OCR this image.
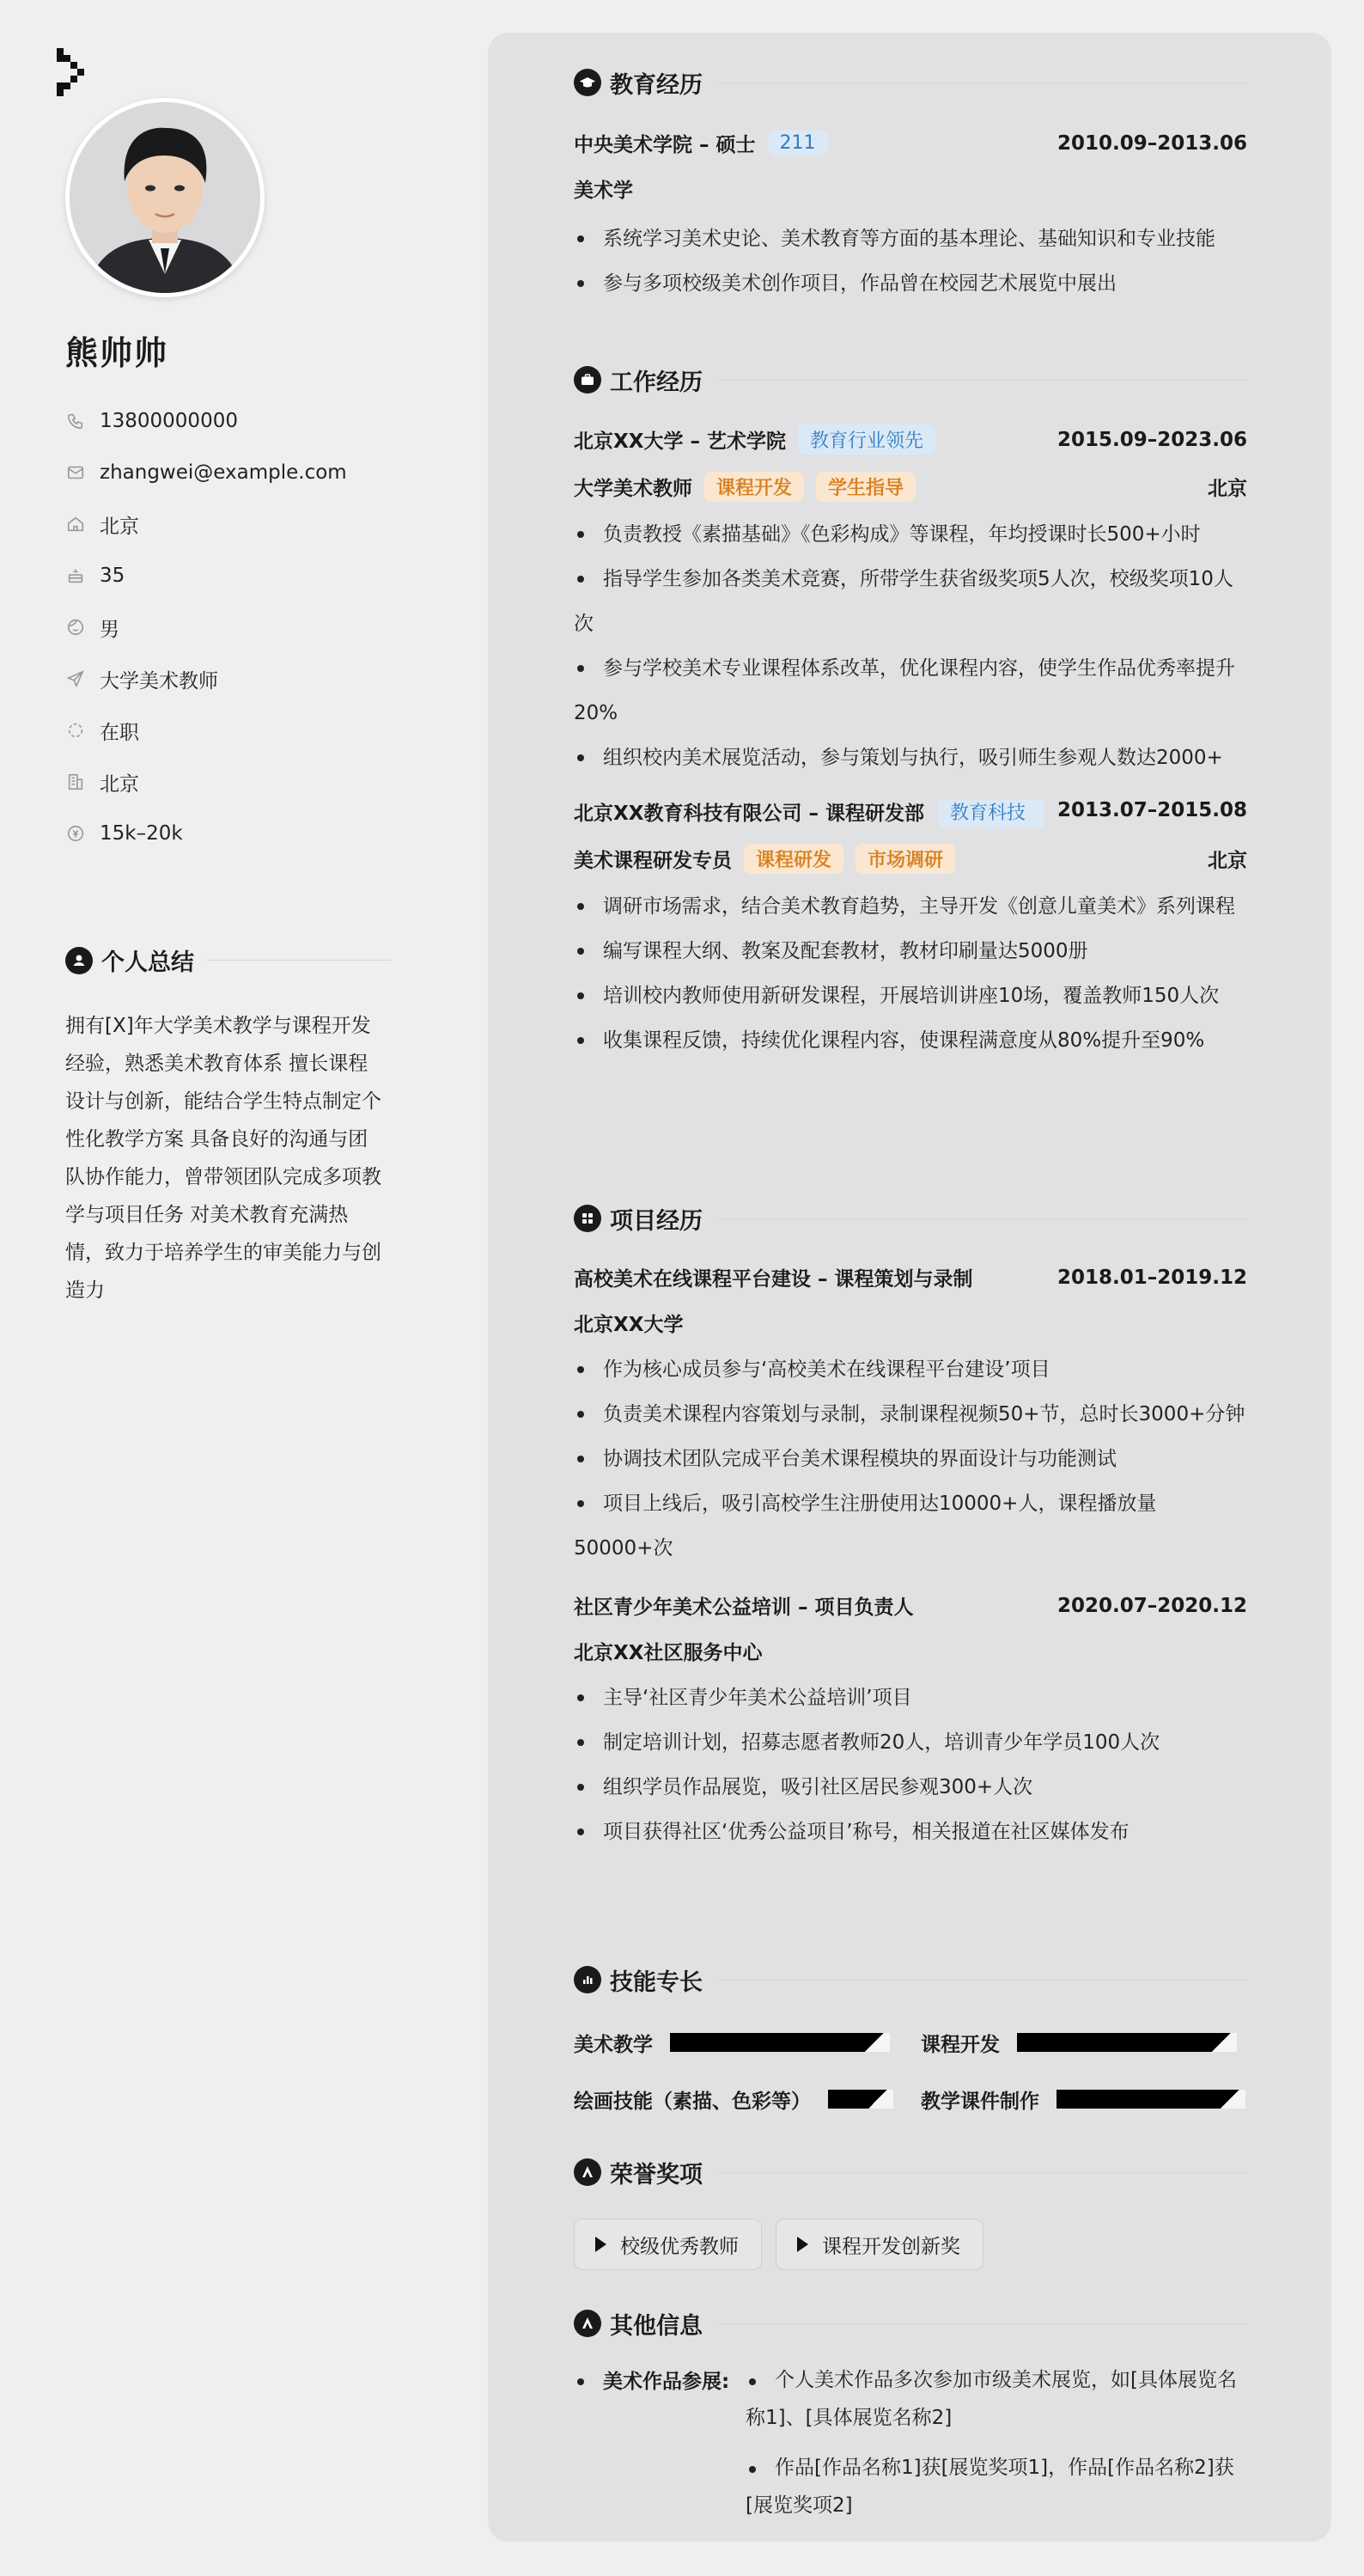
熊帅帅
13800000000
zhangwei@example.com
北京
35
男
大学美术教师
在职
北京
15k–20k
个人总结
拥有[X]年大学美术教学与课程开发经验，熟悉美术教育体系 擅长课程设计与创新，能结合学生特点制定个性化教学方案 具备良好的沟通与团队协作能力，曾带领团队完成多项教学与项目任务 对美术教育充满热情，致力于培养学生的审美能力与创造力
教育经历
中央美术学院 – 硕士	211	2010.09–2013.06
美术学
系统学习美术史论、美术教育等方面的基本理论、基础知识和专业技能
参与多项校级美术创作项目，作品曾在校园艺术展览中展出
工作经历
北京XX大学 – 艺术学院	教育行业领先	2015.09–2023.06
大学美术教师	课程开发	学生指导	北京
负责教授《素描基础》《色彩构成》等课程，年均授课时长500+小时
指导学生参加各类美术竞赛，所带学生获省级奖项5人次，校级奖项10人次
参与学校美术专业课程体系改革，优化课程内容，使学生作品优秀率提升20%
组织校内美术展览活动，参与策划与执行，吸引师生参观人数达2000+
北京XX教育科技有限公司 – 课程研发部	教育科技	2013.07–2015.08
美术课程研发专员	课程研发	市场调研	北京
调研市场需求，结合美术教育趋势，主导开发《创意儿童美术》系列课程
编写课程大纲、教案及配套教材，教材印刷量达5000册
培训校内教师使用新研发课程，开展培训讲座10场，覆盖教师150人次
收集课程反馈，持续优化课程内容，使课程满意度从80%提升至90%
项目经历
高校美术在线课程平台建设 – 课程策划与录制	2018.01–2019.12
北京XX大学
作为核心成员参与‘高校美术在线课程平台建设’项目
负责美术课程内容策划与录制，录制课程视频50+节，总时长3000+分钟
协调技术团队完成平台美术课程模块的界面设计与功能测试
项目上线后，吸引高校学生注册使用达10000+人，课程播放量50000+次
社区青少年美术公益培训 – 项目负责人	2020.07–2020.12
北京XX社区服务中心
主导‘社区青少年美术公益培训’项目
制定培训计划，招募志愿者教师20人，培训青少年学员100人次
组织学员作品展览，吸引社区居民参观300+人次
项目获得社区‘优秀公益项目’称号，相关报道在社区媒体发布
技能专长
美术教学	课程开发
绘画技能（素描、色彩等）	教学课件制作
荣誉奖项
校级优秀教师	课程开发创新奖
其他信息
美术作品参展:	个人美术作品多次参加市级美术展览，如[具体展览名称1]、[具体展览名称2]
作品[作品名称1]获[展览奖项1]，作品[作品名称2]获[展览奖项2]
